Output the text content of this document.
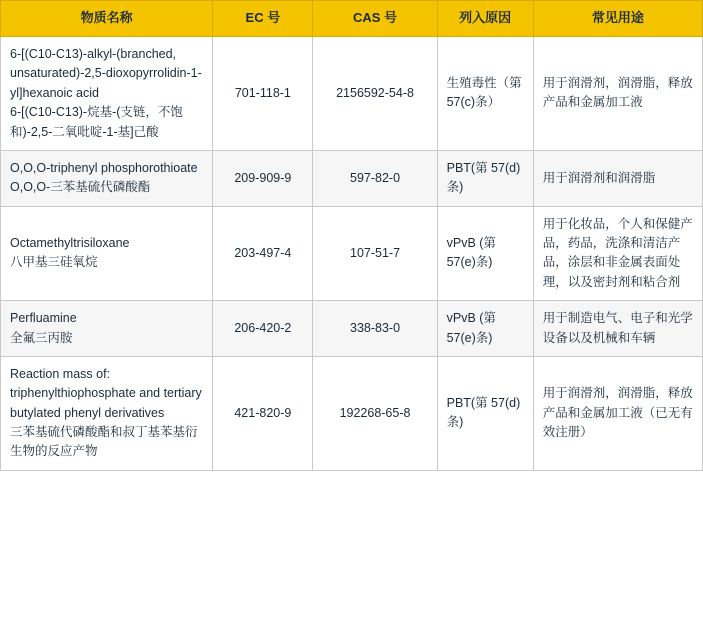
物质名称	EC 号	CAS 号	列入原因	常见用途

6-[(C10-C13)-alkyl-(branched,
unsaturated)-2,5-dioxopyrrolidin-1-yl]hexanoic acid
6-[(C10-C13)-烷基-(支链，不饱和)-2,5-二氧吡啶-1-基]己酸	701-118-1	2156592-54-8	生殖毒性（第 57(c)条）	用于润滑剂，润滑脂，释放产品和金属加工液

O,O,O-triphenyl phosphorothioate
O,O,O-三苯基硫代磷酸酯	209-909-9	597-82-0	PBT(第 57(d)条)	用于润滑剂和润滑脂

Octamethyltrisiloxane
八甲基三硅氧烷	203-497-4	107-51-7	vPvB (第 57(e)条)	用于化妆品，个人和保健产品，药品，洗涤和清洁产品，涂层和非金属表面处理，以及密封剂和粘合剂

Perfluamine
全氟三丙胺	206-420-2	338-83-0	vPvB (第 57(e)条)	用于制造电气、电子和光学设备以及机械和车辆

Reaction mass of: triphenylthiophosphate and tertiary butylated phenyl derivatives
三苯基硫代磷酸酯和叔丁基苯基衍生物的反应产物	421-820-9	192268-65-8	PBT(第 57(d)条)	用于润滑剂，润滑脂，释放产品和金属加工液（已无有效注册）
